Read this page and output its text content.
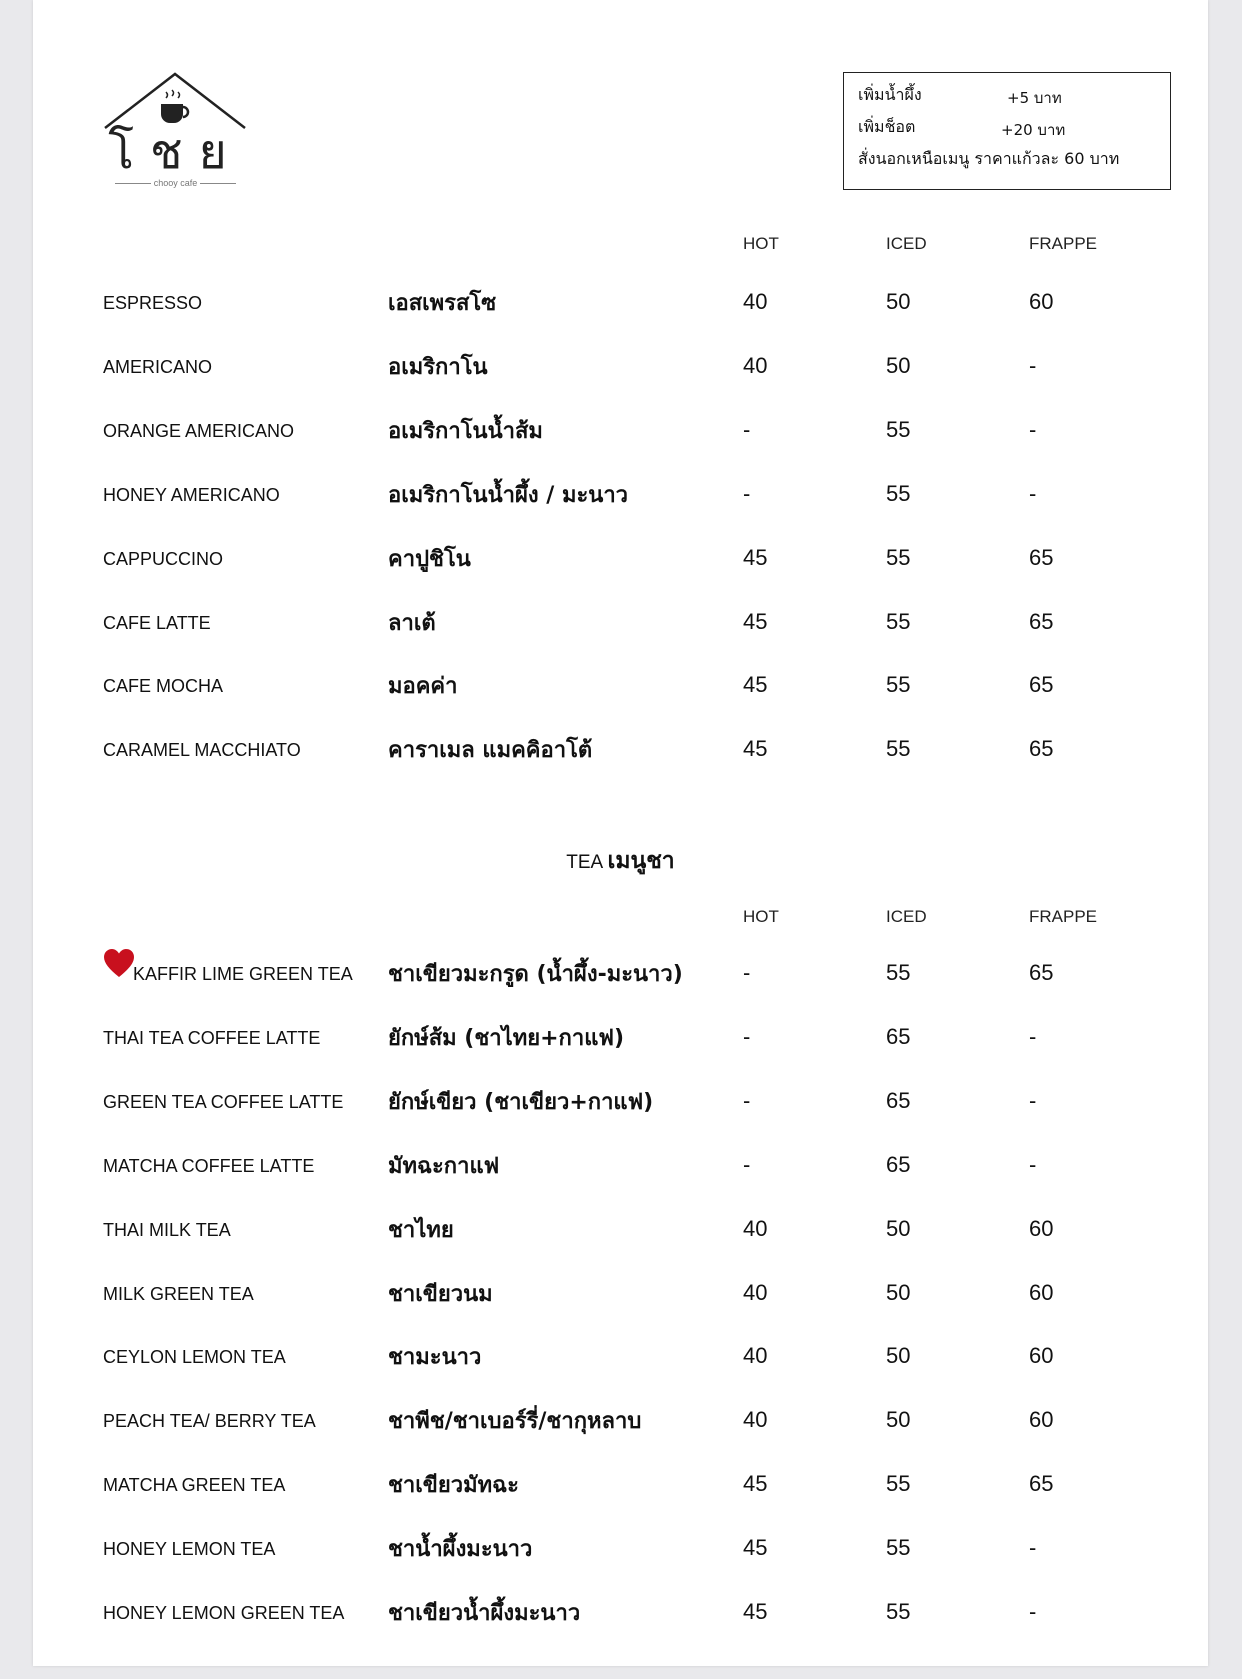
โชย
chooy cafe
เพิ่มน้ำผึ้ง	+5 บาท
เพิ่มช็อต	+20 บาท
สั่งนอกเหนือเมนู ราคาแก้วละ 60 บาท
HOT	ICED	FRAPPE
ESPRESSO	เอสเพรสโซ	40	50	60
AMERICANO	อเมริกาโน	40	50	-
ORANGE AMERICANO	อเมริกาโนน้ำส้ม	-	55	-
HONEY AMERICANO	อเมริกาโนน้ำผึ้ง / มะนาว	-	55	-
CAPPUCCINO	คาปูชิโน	45	55	65
CAFE LATTE	ลาเต้	45	55	65
CAFE MOCHA	มอคค่า	45	55	65
CARAMEL MACCHIATO	คาราเมล แมคคิอาโต้	45	55	65
TEA เมนูชา
HOT	ICED	FRAPPE
KAFFIR LIME GREEN TEA ชาเขียวมะกรูด (น้ำผึ้ง-มะนาว)	-	55	65
THAI TEA COFFEE LATTE	ยักษ์ส้ม (ชาไทย+กาแฟ)	-	65	-
GREEN TEA COFFEE LATTE ยักษ์เขียว (ชาเขียว+กาแฟ)	-	65	-
MATCHA COFFEE LATTE	มัทฉะกาแฟ	-	65	-
THAI MILK TEA	ชาไทย	40	50	60
MILK GREEN TEA	ชาเขียวนม	40	50	60
CEYLON LEMON TEA	ชามะนาว	40	50	60
PEACH TEA/ BERRY TEA	ชาพีช/ชาเบอร์รี่/ชากุหลาบ	40	50	60
MATCHA GREEN TEA	ชาเขียวมัทฉะ	45	55	65
HONEY LEMON TEA	ชาน้ำผึ้งมะนาว	45	55	-
HONEY LEMON GREEN TEA ชาเขียวน้ำผึ้งมะนาว	45	55	-
